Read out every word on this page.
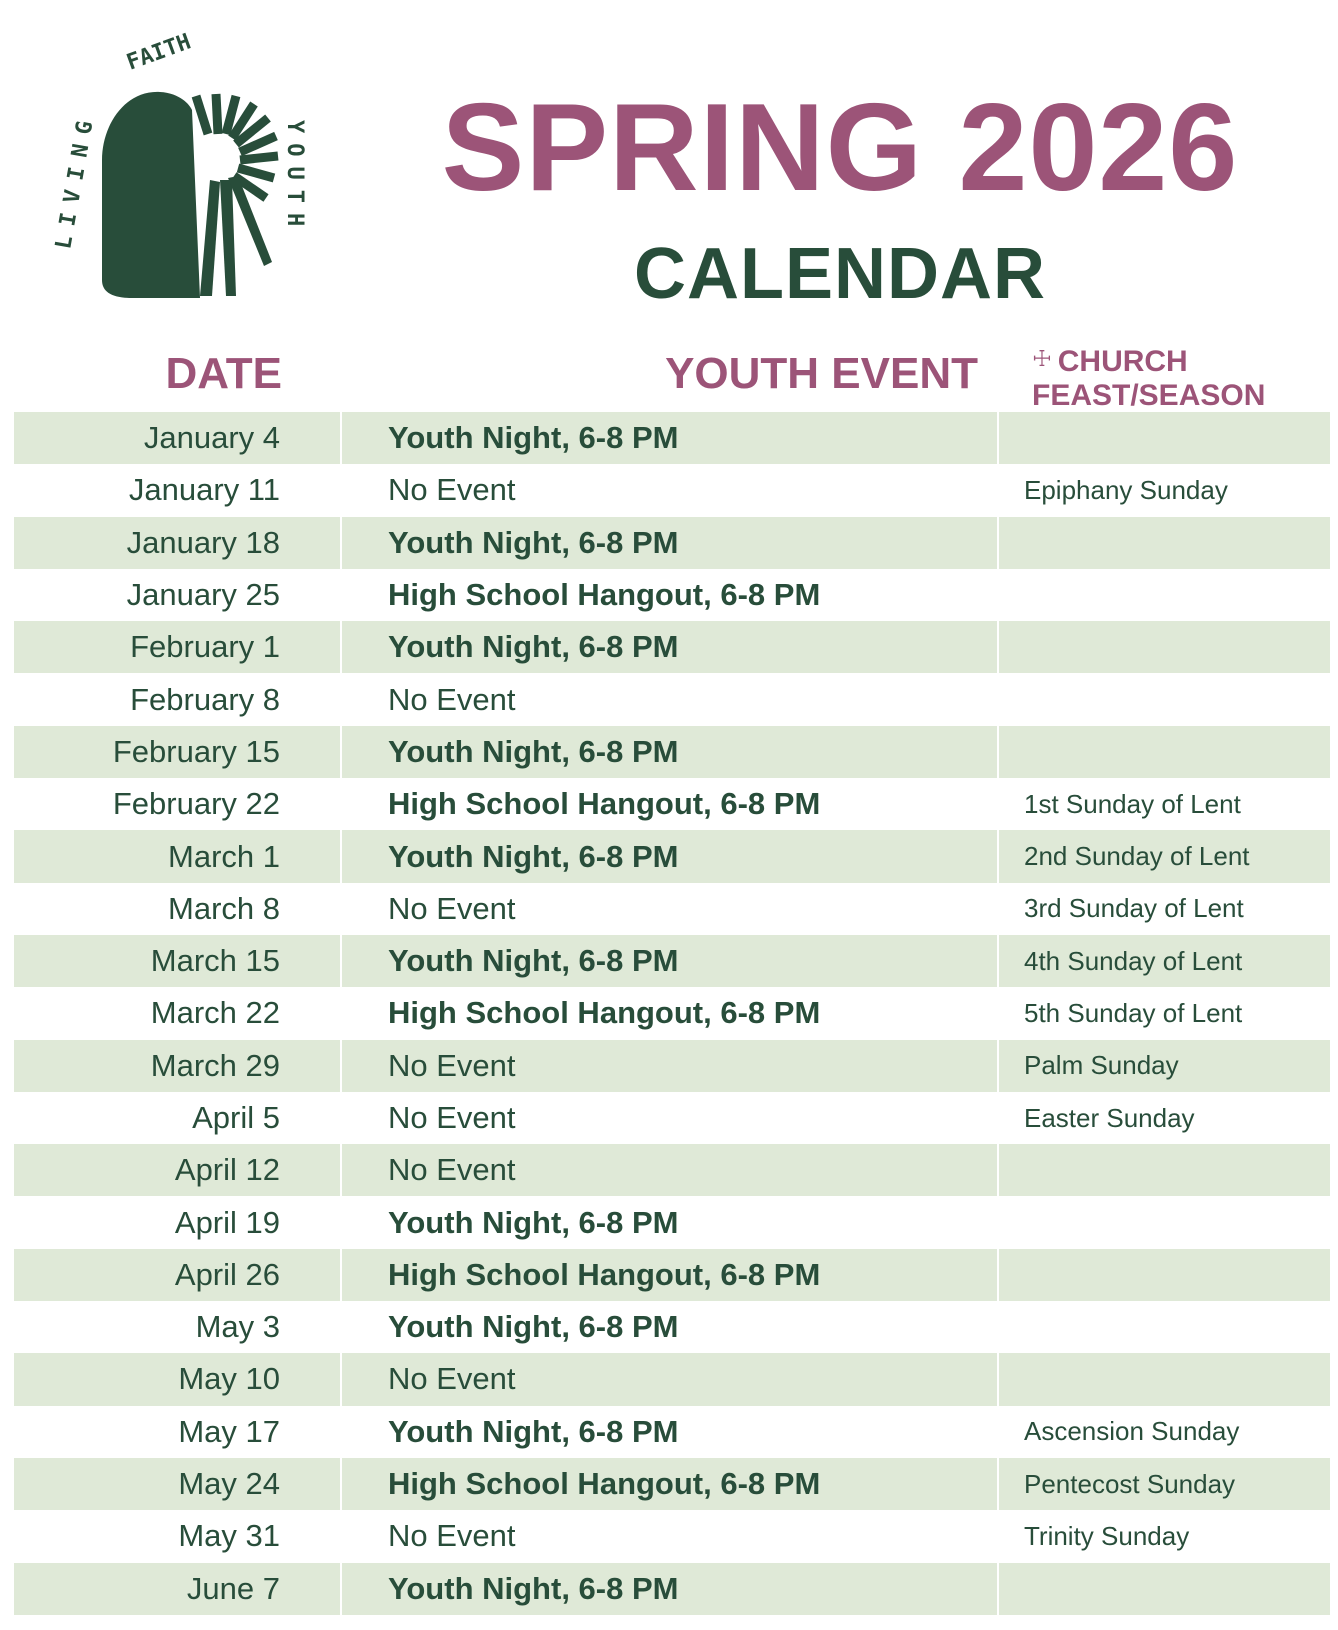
FAITH
LIVING	YOUTH SPRING 2026
CALENDAR
DATE	YOUTH EVENT ☩ CHURCH
FEAST/SEASON
January 4	Youth Night, 6-8 PM
January 11	No Event	Epiphany Sunday
January 18	Youth Night, 6-8 PM
January 25	High School Hangout, 6-8 PM
February 1	Youth Night, 6-8 PM
February 8	No Event
February 15	Youth Night, 6-8 PM
February 22	High School Hangout, 6-8 PM	1st Sunday of Lent
March 1	Youth Night, 6-8 PM	2nd Sunday of Lent
March 8	No Event	3rd Sunday of Lent
March 15	Youth Night, 6-8 PM	4th Sunday of Lent
March 22	High School Hangout, 6-8 PM	5th Sunday of Lent
March 29	No Event	Palm Sunday
April 5	No Event	Easter Sunday
April 12	No Event
April 19	Youth Night, 6-8 PM
April 26	High School Hangout, 6-8 PM
May 3	Youth Night, 6-8 PM
May 10	No Event
May 17	Youth Night, 6-8 PM	Ascension Sunday
May 24	High School Hangout, 6-8 PM	Pentecost Sunday
May 31	No Event	Trinity Sunday
June 7	Youth Night, 6-8 PM
